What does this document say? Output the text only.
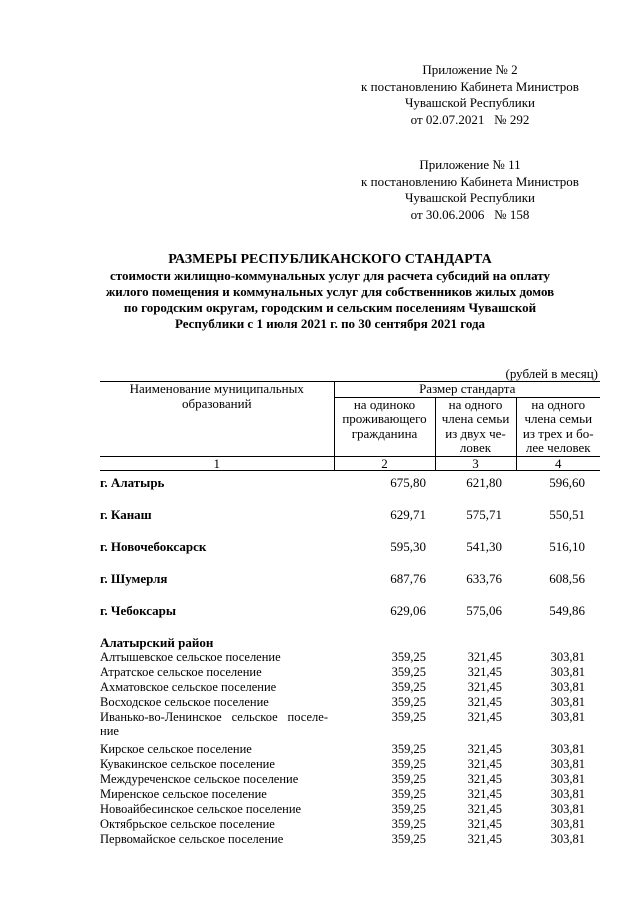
Приложение № 2
к постановлению Кабинета Министров
Чувашской Республики
от 02.07.2021   № 292
Приложение № 11
к постановлению Кабинета Министров
Чувашской Республики
от 30.06.2006   № 158
РАЗМЕРЫ РЕСПУБЛИКАНСКОГО СТАНДАРТА
стоимости жилищно-коммунальных услуг для расчета субсидий на оплату
жилого помещения и коммунальных услуг для собственников жилых домов
по городским округам, городским и сельским поселениям Чувашской
Республики с 1 июля 2021 г. по 30 сентября 2021 года
(рублей в месяц)
Наименование муниципальных образований	Размер стандарта		
	на одиноко проживающего гражданина	на одного члена семьи из двух че-ловек	на одного члена семьи из трех и бо-лее человек
1	2	3	4
г. Алатырь	675,80	621,80	596,60
г. Канаш	629,71	575,71	550,51
г. Новочебоксарск	595,30	541,30	516,10
г. Шумерля	687,76	633,76	608,56
г. Чебоксары	629,06	575,06	549,86
Алатырский район			
Алтышевское сельское поселение	359,25	321,45	303,81
Атратское сельское поселение	359,25	321,45	303,81
Ахматовское сельское поселение	359,25	321,45	303,81
Восходское сельское поселение	359,25	321,45	303,81
Иванько-во-Ленинское сельское поселе-ние	359,25	321,45	303,81
Кирское сельское поселение	359,25	321,45	303,81
Кувакинское сельское поселение	359,25	321,45	303,81
Междуреченское сельское поселение	359,25	321,45	303,81
Миренское сельское поселение	359,25	321,45	303,81
Новоайбесинское сельское поселение	359,25	321,45	303,81
Октябрьское сельское поселение	359,25	321,45	303,81
Первомайское сельское поселение	359,25	321,45	303,81
